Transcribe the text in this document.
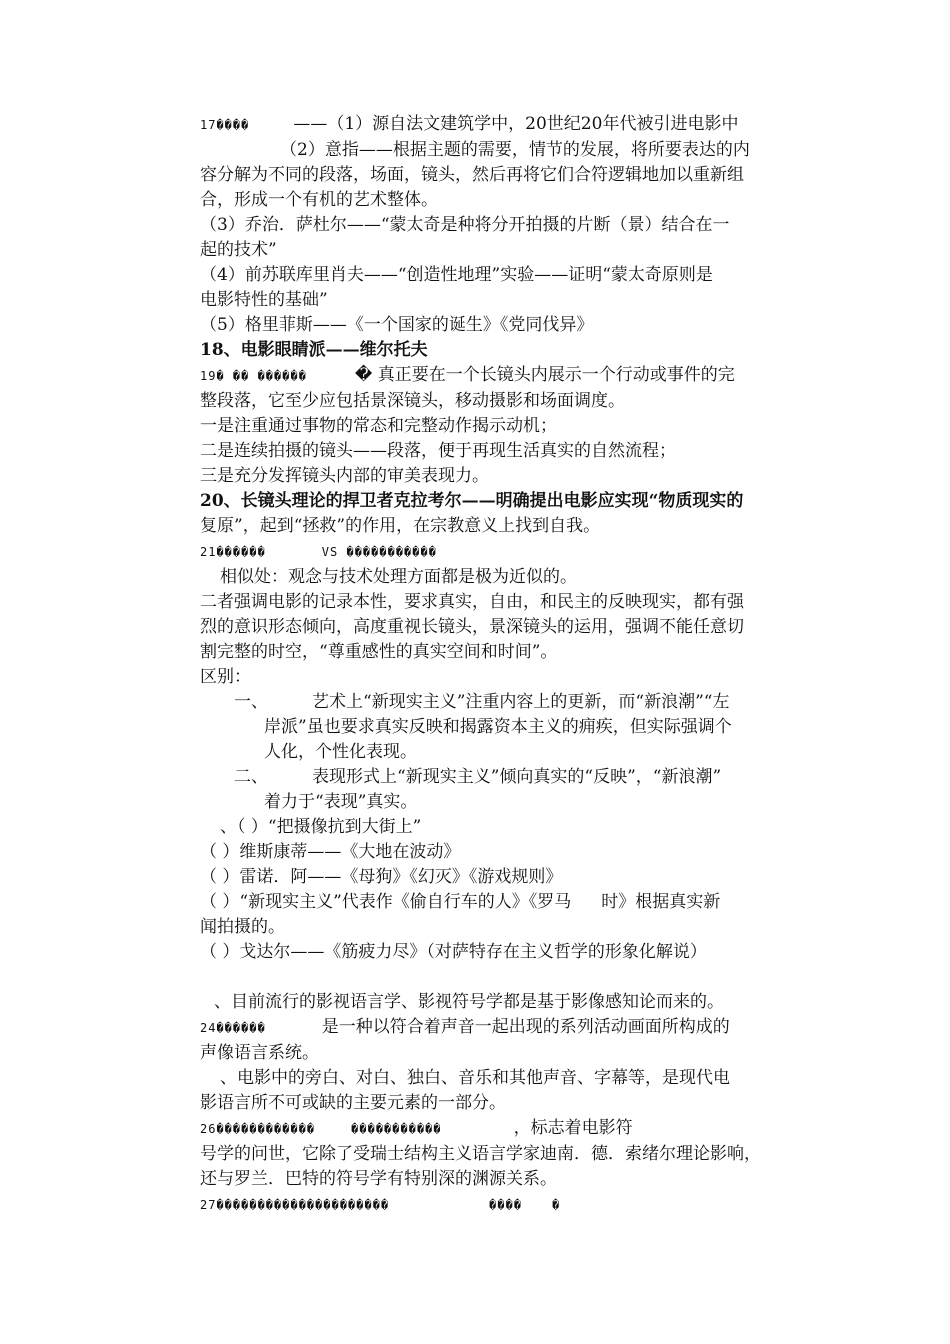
17����	——（1）源自法文建筑学中，20世纪20年代被引进电影中

（2）意指——根据主题的需要，情节的发展，将所要表达的内

容分解为不同的段落，场面，镜头，然后再将它们合符逻辑地加以重新组

合，形成一个有机的艺术整体。

（3）乔治．萨杜尔——“蒙太奇是种将分开拍摄的片断（景）结合在一

起的技术”

（4）前苏联库里肖夫——“创造性地理”实验——证明“蒙太奇原则是

电影特性的基础”

（5）格里菲斯——《一个国家的诞生》《党同伐异》

18、电影眼睛派——维尔托夫

19� �� ������	� 真正要在一个长镜头内展示一个行动或事件的完

整段落，它至少应包括景深镜头，移动摄影和场面调度。

一是注重通过事物的常态和完整动作揭示动机；

二是连续拍摄的镜头——段落，便于再现生活真实的自然流程；

三是充分发挥镜头内部的审美表现力。

20、长镜头理论的捍卫者克拉考尔——明确提出电影应实现“物质现实的

复原”，起到“拯救”的作用，在宗教意义上找到自我。

21������	VS �����������

相似处：观念与技术处理方面都是极为近似的。

二者强调电影的记录本性，要求真实，自由，和民主的反映现实，都有强

烈的意识形态倾向，高度重视长镜头，景深镜头的运用，强调不能任意切

割完整的时空，“尊重感性的真实空间和时间”。

区别：

一、	艺术上“新现实主义”注重内容上的更新，而“新浪潮”“左

岸派”虽也要求真实反映和揭露资本主义的痈疾，但实际强调个

人化，个性化表现。

二、	表现形式上“新现实主义”倾向真实的“反映”，“新浪潮”

着力于“表现”真实。

、（ ）“把摄像抗到大街上”

（ ）维斯康蒂——《大地在波动》

（ ）雷诺．阿——《母狗》《幻灭》《游戏规则》

（ ）“新现实主义”代表作《偷自行车的人》《罗马 时》根据真实新

闻拍摄的。

（ ）戈达尔——《筋疲力尽》（对萨特存在主义哲学的形象化解说）

、目前流行的影视语言学、影视符号学都是基于影像感知论而来的。

24������	是一种以符合着声音一起出现的系列活动画面所构成的

声像语言系统。

、电影中的旁白、对白、独白、音乐和其他声音、字幕等，是现代电

影语言所不可或缺的主要元素的一部分。

26������������	�����������	，标志着电影符

号学的问世，它除了受瑞士结构主义语言学家迪南．德．索绪尔理论影响，

还与罗兰．巴特的符号学有特别深的渊源关系。

27���������������������	����	�
